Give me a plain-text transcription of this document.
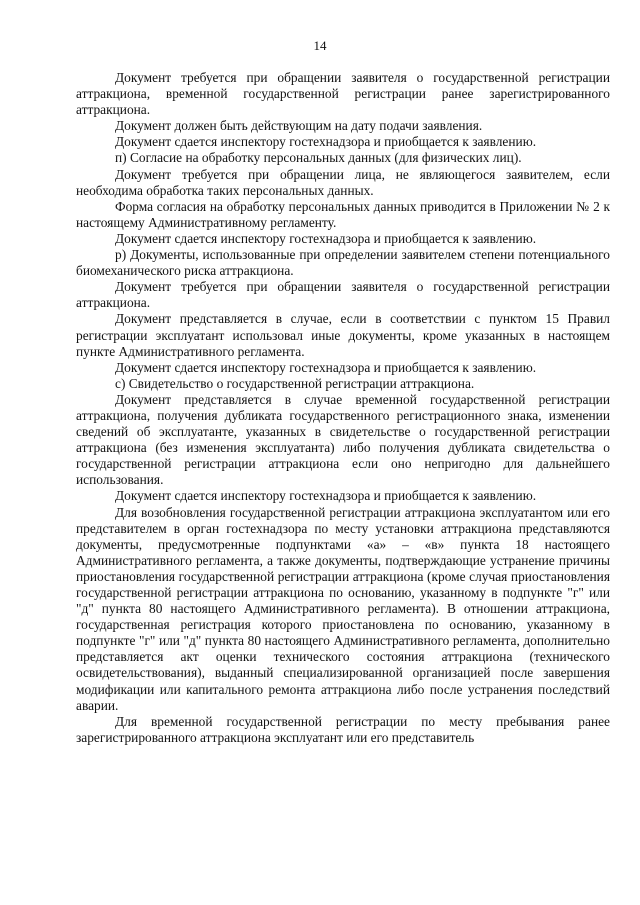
14

Документ требуется при обращении заявителя о государственной регистрации аттракциона, временной государственной регистрации ранее зарегистрированного аттракциона.

Документ должен быть действующим на дату подачи заявления.

Документ сдается инспектору гостехнадзора и приобщается к заявлению.

п) Согласие на обработку персональных данных (для физических лиц).

Документ требуется при обращении лица, не являющегося заявителем, если необходима обработка таких персональных данных.

Форма согласия на обработку персональных данных приводится в Приложении № 2 к настоящему Административному регламенту.

Документ сдается инспектору гостехнадзора и приобщается к заявлению.

р) Документы, использованные при определении заявителем степени потенциального биомеханического риска аттракциона.

Документ требуется при обращении заявителя о государственной регистрации аттракциона.

Документ представляется в случае, если в соответствии с пунктом 15 Правил регистрации эксплуатант использовал иные документы, кроме указанных в настоящем пункте Административного регламента.

Документ сдается инспектору гостехнадзора и приобщается к заявлению.

с) Свидетельство о государственной регистрации аттракциона.

Документ представляется в случае временной государственной регистрации аттракциона, получения дубликата государственного регистрационного знака, изменении сведений об эксплуатанте, указанных в свидетельстве о государственной регистрации аттракциона (без изменения эксплуатанта) либо получения дубликата свидетельства о государственной регистрации аттракциона если оно непригодно для дальнейшего использования.

Документ сдается инспектору гостехнадзора и приобщается к заявлению.

Для возобновления государственной регистрации аттракциона эксплуатантом или его представителем в орган гостехнадзора по месту установки аттракциона представляются документы, предусмотренные подпунктами «а» – «в» пункта 18 настоящего Административного регламента, а также документы, подтверждающие устранение причины приостановления государственной регистрации аттракциона (кроме случая приостановления государственной регистрации аттракциона по основанию, указанному в подпункте "г" или "д" пункта 80 настоящего Административного регламента). В отношении аттракциона, государственная регистрация которого приостановлена по основанию, указанному в подпункте "г" или "д" пункта 80 настоящего Административного регламента, дополнительно представляется акт оценки технического состояния аттракциона (технического освидетельствования), выданный специализированной организацией после завершения модификации или капитального ремонта аттракциона либо после устранения последствий аварии.

Для временной государственной регистрации по месту пребывания ранее зарегистрированного аттракциона эксплуатант или его представитель
